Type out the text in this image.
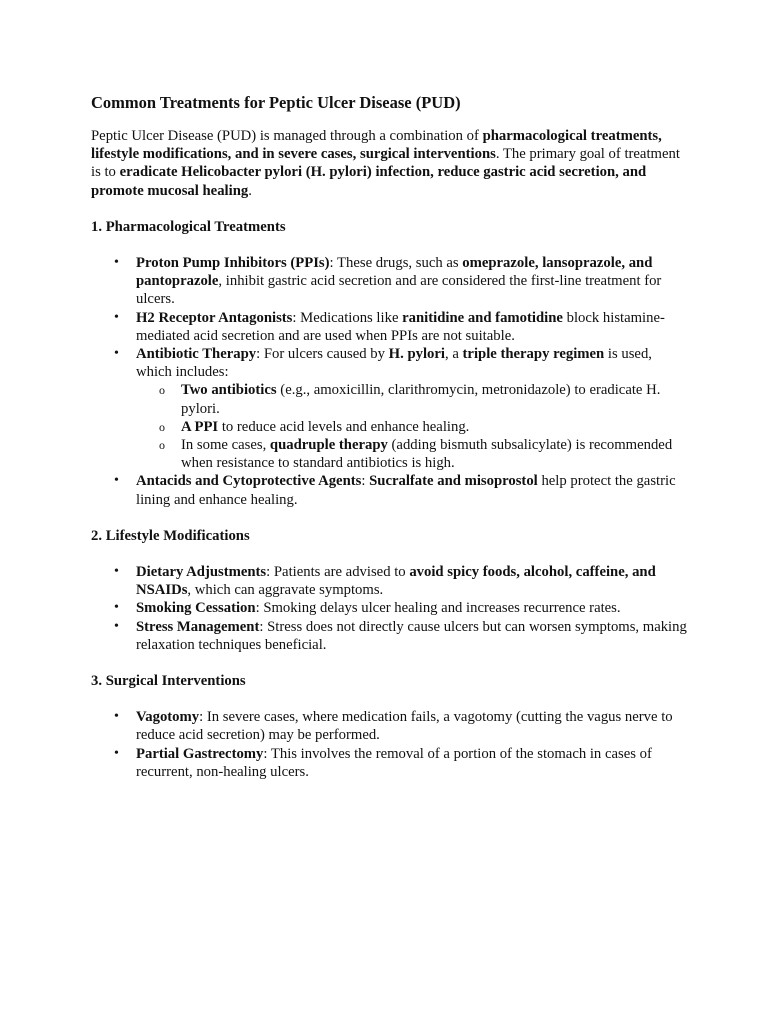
Common Treatments for Peptic Ulcer Disease (PUD)

Peptic Ulcer Disease (PUD) is managed through a combination of pharmacological treatments, lifestyle modifications, and in severe cases, surgical interventions. The primary goal of treatment is to eradicate Helicobacter pylori (H. pylori) infection, reduce gastric acid secretion, and promote mucosal healing.

1. Pharmacological Treatments
• Proton Pump Inhibitors (PPIs): These drugs, such as omeprazole, lansoprazole, and pantoprazole, inhibit gastric acid secretion and are considered the first-line treatment for ulcers.
• H2 Receptor Antagonists: Medications like ranitidine and famotidine block histamine-mediated acid secretion and are used when PPIs are not suitable.
• Antibiotic Therapy: For ulcers caused by H. pylori, a triple therapy regimen is used, which includes:
o Two antibiotics (e.g., amoxicillin, clarithromycin, metronidazole) to eradicate H. pylori.
o A PPI to reduce acid levels and enhance healing.
o In some cases, quadruple therapy (adding bismuth subsalicylate) is recommended when resistance to standard antibiotics is high.
• Antacids and Cytoprotective Agents: Sucralfate and misoprostol help protect the gastric lining and enhance healing.
2. Lifestyle Modifications
• Dietary Adjustments: Patients are advised to avoid spicy foods, alcohol, caffeine, and NSAIDs, which can aggravate symptoms.
• Smoking Cessation: Smoking delays ulcer healing and increases recurrence rates.
• Stress Management: Stress does not directly cause ulcers but can worsen symptoms, making relaxation techniques beneficial.
3. Surgical Interventions
• Vagotomy: In severe cases, where medication fails, a vagotomy (cutting the vagus nerve to reduce acid secretion) may be performed.
• Partial Gastrectomy: This involves the removal of a portion of the stomach in cases of recurrent, non-healing ulcers.
